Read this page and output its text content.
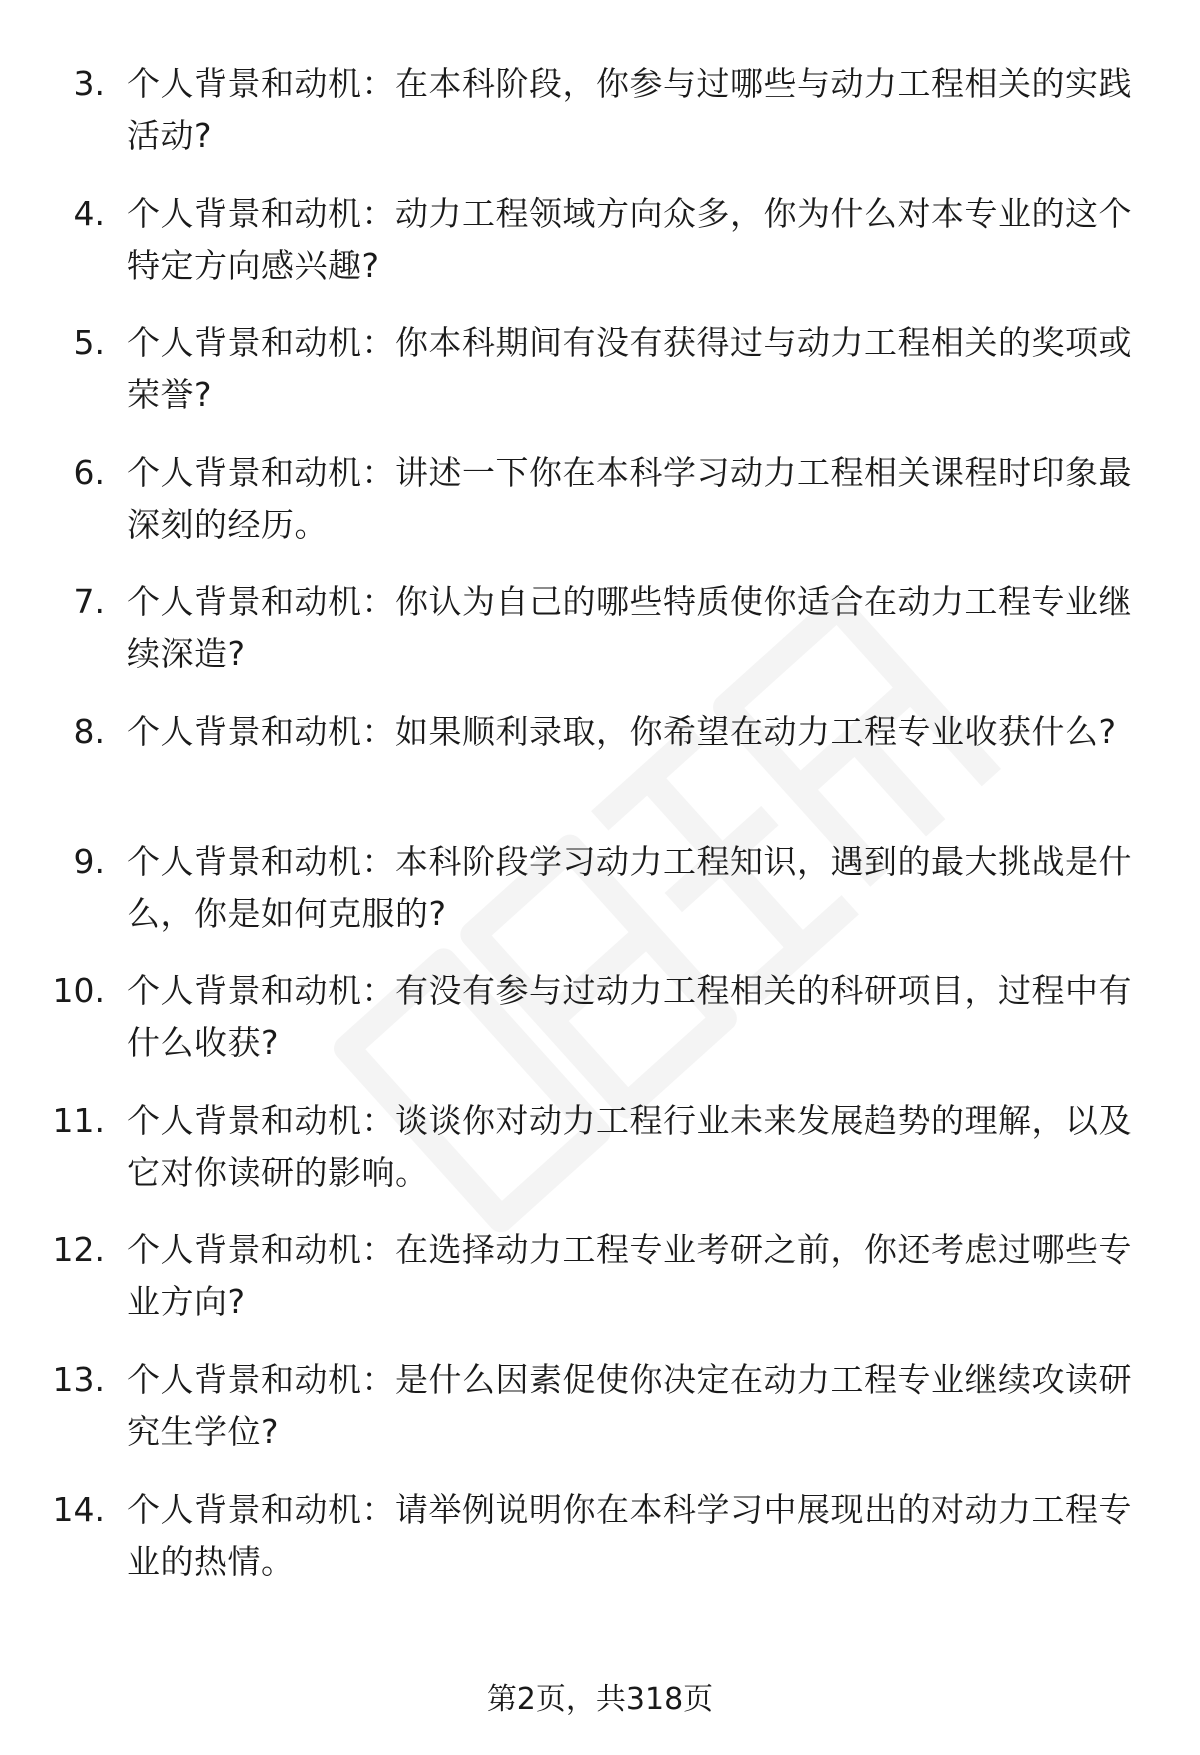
3. 个人背景和动机：在本科阶段，你参与过哪些与动力工程相关的实践活动?
4. 个人背景和动机：动力工程领域方向众多，你为什么对本专业的这个特定方向感兴趣?
5. 个人背景和动机：你本科期间有没有获得过与动力工程相关的奖项或荣誉?
6. 个人背景和动机：讲述一下你在本科学习动力工程相关课程时印象最深刻的经历。
7. 个人背景和动机：你认为自己的哪些特质使你适合在动力工程专业继续深造?
8. 个人背景和动机：如果顺利录取，你希望在动力工程专业收获什么?
9. 个人背景和动机：本科阶段学习动力工程知识，遇到的最大挑战是什么，你是如何克服的?
10. 个人背景和动机：有没有参与过动力工程相关的科研项目，过程中有什么收获?
11. 个人背景和动机：谈谈你对动力工程行业未来发展趋势的理解，以及它对你读研的影响。
12. 个人背景和动机：在选择动力工程专业考研之前，你还考虑过哪些专业方向?
13. 个人背景和动机：是什么因素促使你决定在动力工程专业继续攻读研究生学位?
14. 个人背景和动机：请举例说明你在本科学习中展现出的对动力工程专业的热情。
第2页，共318页
